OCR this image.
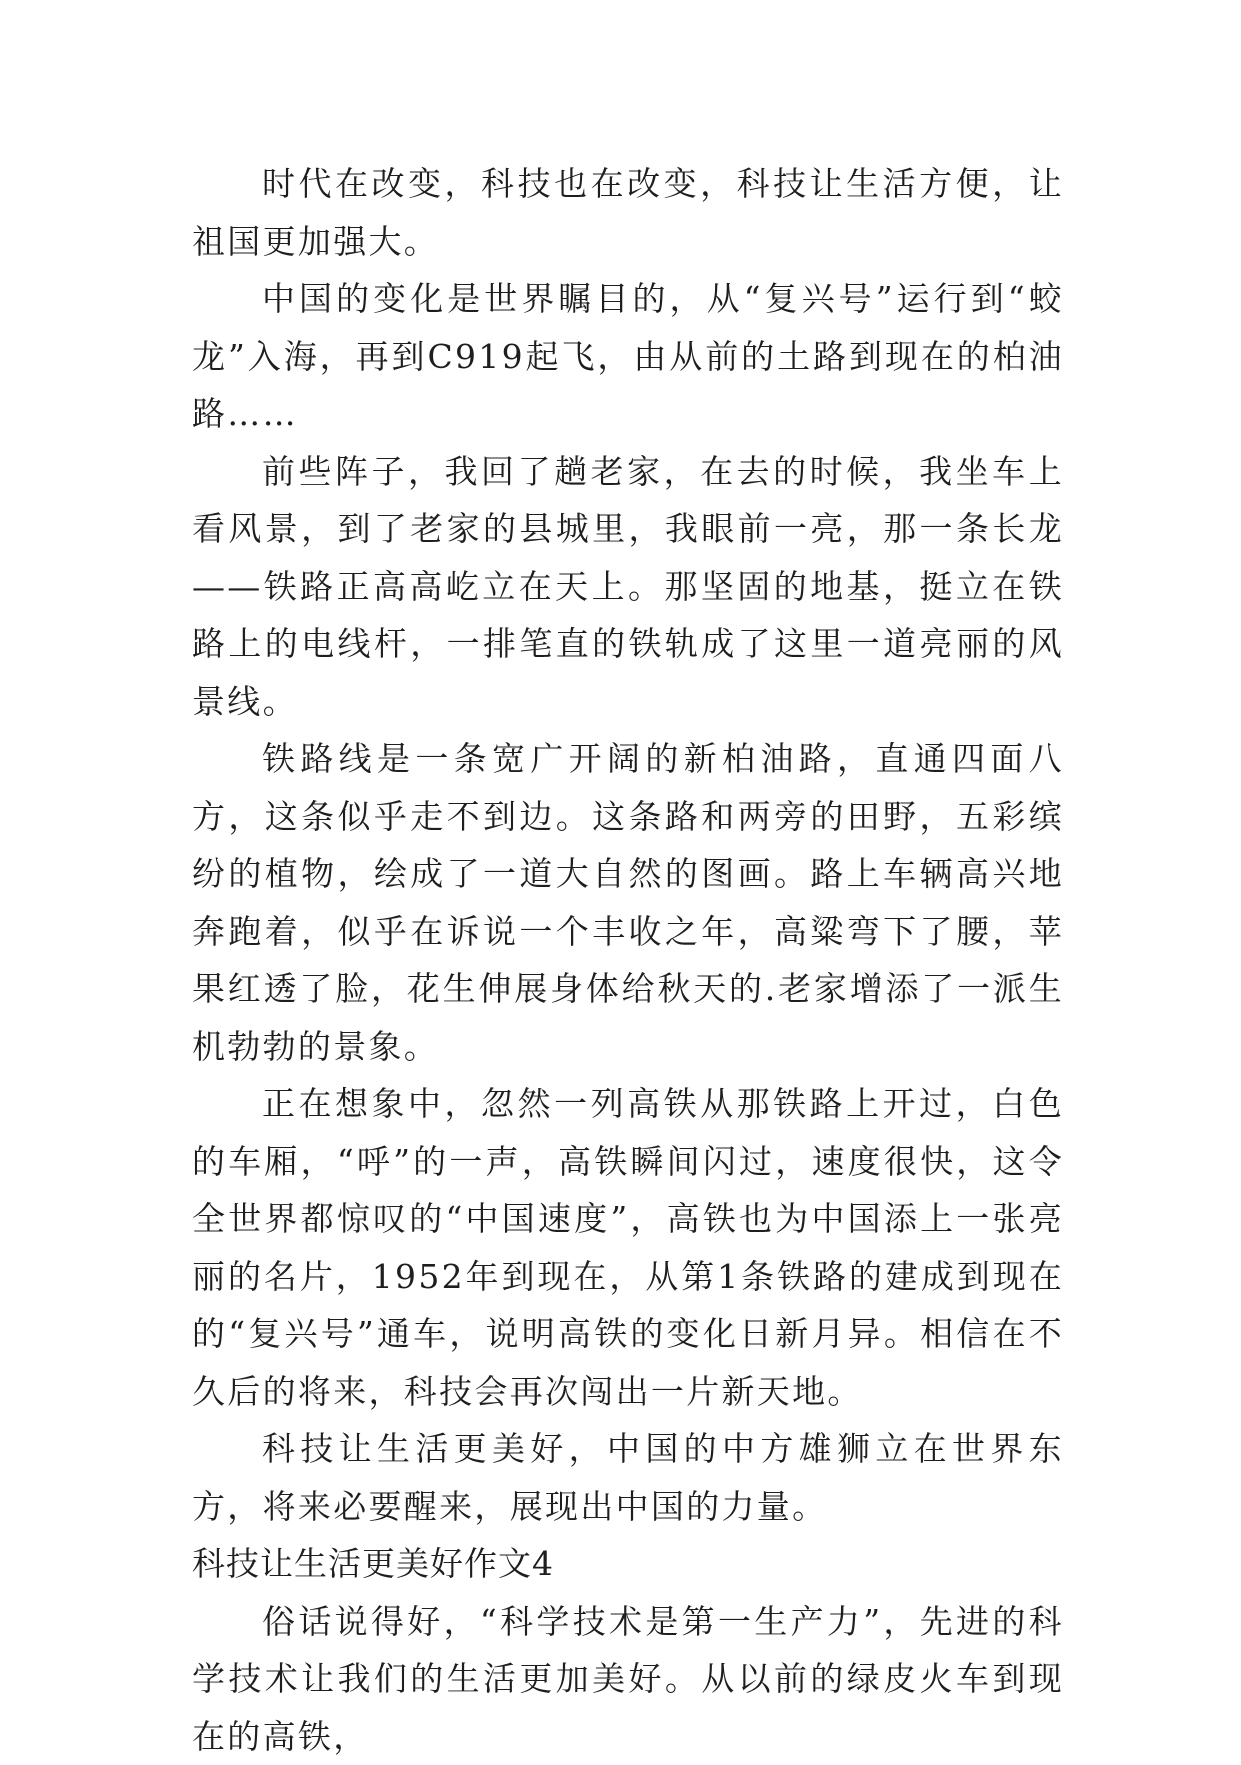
时代在改变，科技也在改变，科技让生活方便，让祖国更加强大。

中国的变化是世界瞩目的，从“复兴号”运行到“蛟龙”入海，再到C919起飞，由从前的土路到现在的柏油路……

前些阵子，我回了趟老家，在去的时候，我坐车上看风景，到了老家的县城里，我眼前一亮，那一条长龙——铁路正高高屹立在天上。那坚固的地基，挺立在铁路上的电线杆，一排笔直的铁轨成了这里一道亮丽的风景线。

铁路线是一条宽广开阔的新柏油路，直通四面八方，这条似乎走不到边。这条路和两旁的田野，五彩缤纷的植物，绘成了一道大自然的图画。路上车辆高兴地奔跑着，似乎在诉说一个丰收之年，高粱弯下了腰，苹果红透了脸，花生伸展身体给秋天的.老家增添了一派生机勃勃的景象。

正在想象中，忽然一列高铁从那铁路上开过，白色的车厢，“呼”的一声，高铁瞬间闪过，速度很快，这令全世界都惊叹的“中国速度”，高铁也为中国添上一张亮丽的名片，1952年到现在，从第1条铁路的建成到现在的“复兴号”通车，说明高铁的变化日新月异。相信在不久后的将来，科技会再次闯出一片新天地。

科技让生活更美好，中国的中方雄狮立在世界东方，将来必要醒来，展现出中国的力量。

科技让生活更美好作文4

俗话说得好，“科学技术是第一生产力”，先进的科学技术让我们的生活更加美好。从以前的绿皮火车到现在的高铁，
